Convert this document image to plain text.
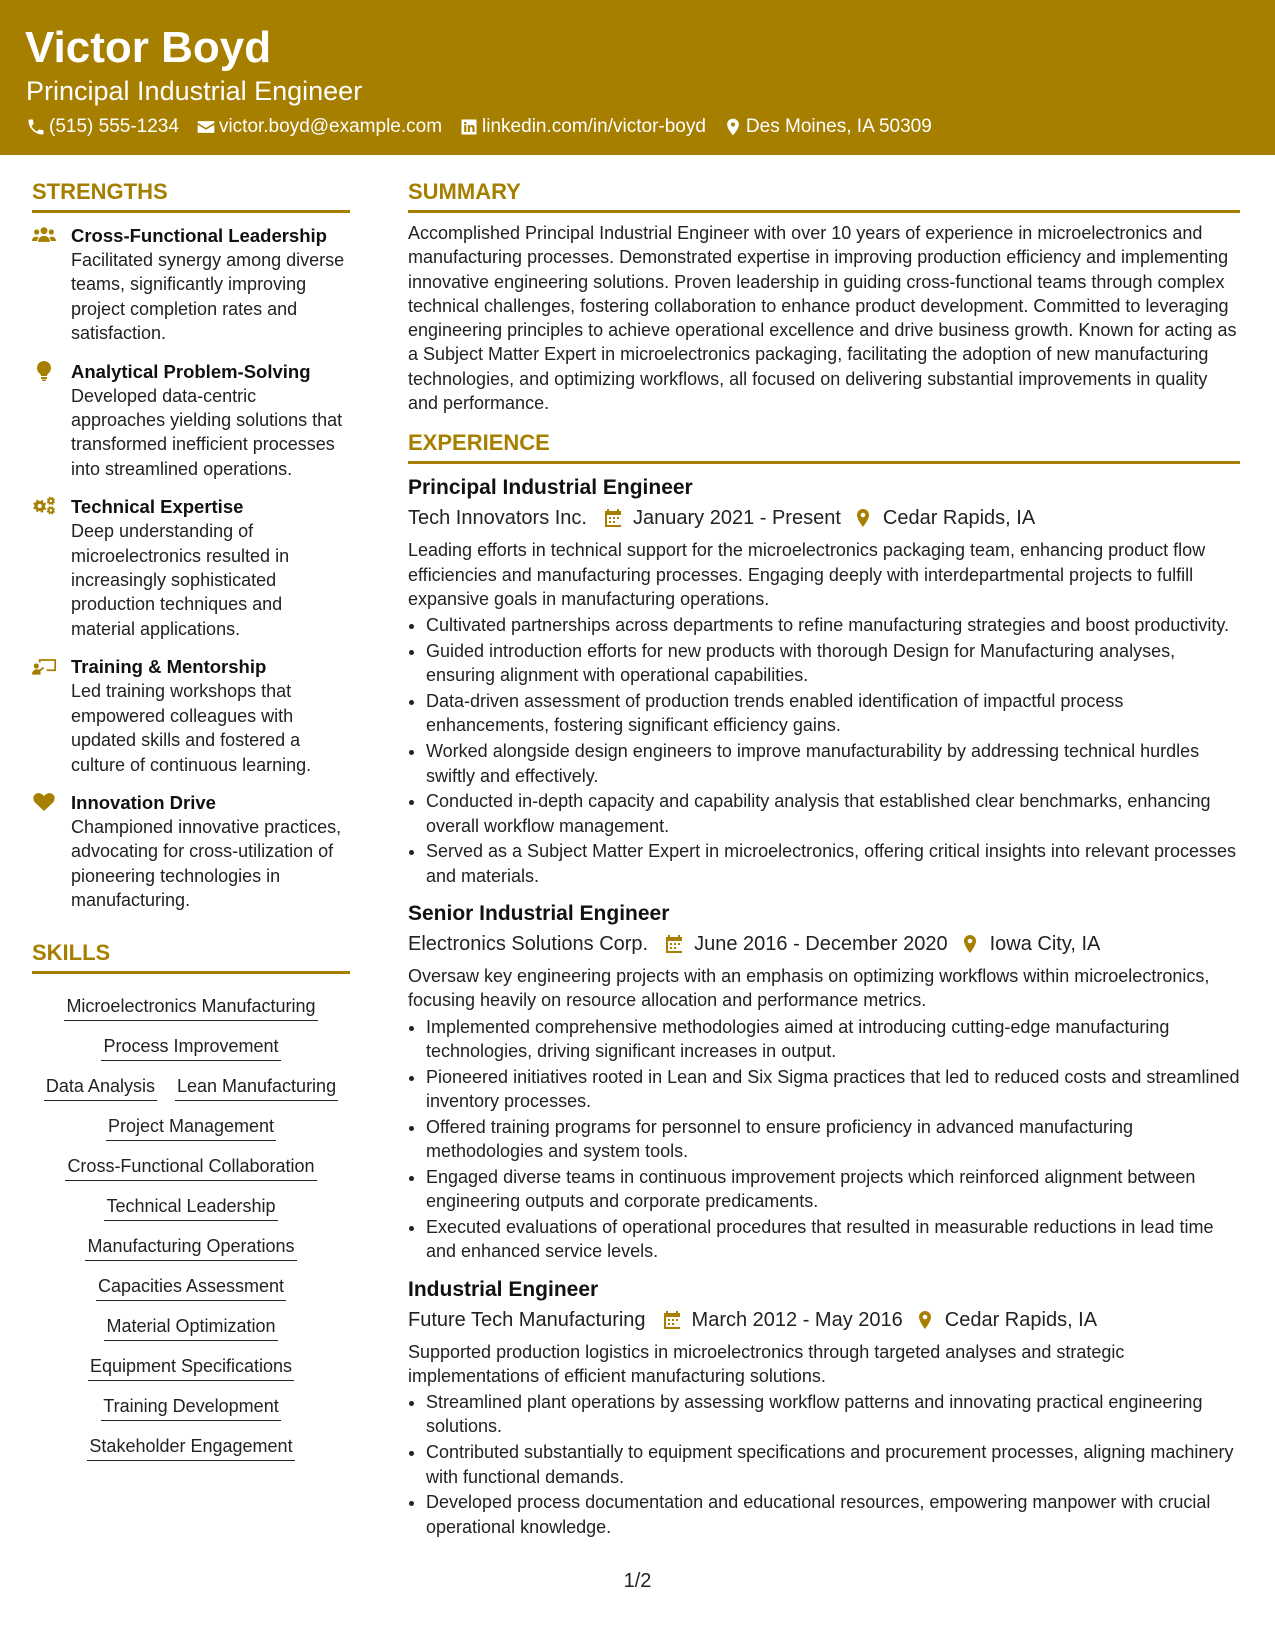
Victor Boyd
Principal Industrial Engineer
(515) 555-1234 victor.boyd@example.com linkedin.com/in/victor-boyd Des Moines, IA 50309
STRENGTHS
Cross-Functional Leadership
Facilitated synergy among diverse teams, significantly improving project completion rates and satisfaction.
Analytical Problem-Solving
Developed data-centric approaches yielding solutions that transformed inefficient processes into streamlined operations.
Technical Expertise
Deep understanding of microelectronics resulted in increasingly sophisticated production techniques and material applications.
Training & Mentorship
Led training workshops that empowered colleagues with updated skills and fostered a culture of continuous learning.
Innovation Drive
Championed innovative practices, advocating for cross-utilization of pioneering technologies in manufacturing.
SKILLS
Microelectronics Manufacturing
Process Improvement
Data Analysis Lean Manufacturing
Project Management
Cross-Functional Collaboration
Technical Leadership
Manufacturing Operations
Capacities Assessment
Material Optimization
Equipment Specifications
Training Development
Stakeholder Engagement
SUMMARY
Accomplished Principal Industrial Engineer with over 10 years of experience in microelectronics and manufacturing processes. Demonstrated expertise in improving production efficiency and implementing innovative engineering solutions. Proven leadership in guiding cross-functional teams through complex technical challenges, fostering collaboration to enhance product development. Committed to leveraging engineering principles to achieve operational excellence and drive business growth. Known for acting as a Subject Matter Expert in microelectronics packaging, facilitating the adoption of new manufacturing technologies, and optimizing workflows, all focused on delivering substantial improvements in quality and performance.
EXPERIENCE
Principal Industrial Engineer
Tech Innovators Inc. January 2021 - Present Cedar Rapids, IA
Leading efforts in technical support for the microelectronics packaging team, enhancing product flow efficiencies and manufacturing processes. Engaging deeply with interdepartmental projects to fulfill expansive goals in manufacturing operations.
• Cultivated partnerships across departments to refine manufacturing strategies and boost productivity.
• Guided introduction efforts for new products with thorough Design for Manufacturing analyses, ensuring alignment with operational capabilities.
• Data-driven assessment of production trends enabled identification of impactful process enhancements, fostering significant efficiency gains.
• Worked alongside design engineers to improve manufacturability by addressing technical hurdles swiftly and effectively.
• Conducted in-depth capacity and capability analysis that established clear benchmarks, enhancing overall workflow management.
• Served as a Subject Matter Expert in microelectronics, offering critical insights into relevant processes and materials.
Senior Industrial Engineer
Electronics Solutions Corp. June 2016 - December 2020 Iowa City, IA
Oversaw key engineering projects with an emphasis on optimizing workflows within microelectronics, focusing heavily on resource allocation and performance metrics.
• Implemented comprehensive methodologies aimed at introducing cutting-edge manufacturing technologies, driving significant increases in output.
• Pioneered initiatives rooted in Lean and Six Sigma practices that led to reduced costs and streamlined inventory processes.
• Offered training programs for personnel to ensure proficiency in advanced manufacturing methodologies and system tools.
• Engaged diverse teams in continuous improvement projects which reinforced alignment between engineering outputs and corporate predicaments.
• Executed evaluations of operational procedures that resulted in measurable reductions in lead time and enhanced service levels.
Industrial Engineer
Future Tech Manufacturing March 2012 - May 2016 Cedar Rapids, IA
Supported production logistics in microelectronics through targeted analyses and strategic implementations of efficient manufacturing solutions.
• Streamlined plant operations by assessing workflow patterns and innovating practical engineering solutions.
• Contributed substantially to equipment specifications and procurement processes, aligning machinery with functional demands.
• Developed process documentation and educational resources, empowering manpower with crucial operational knowledge.
1/2
